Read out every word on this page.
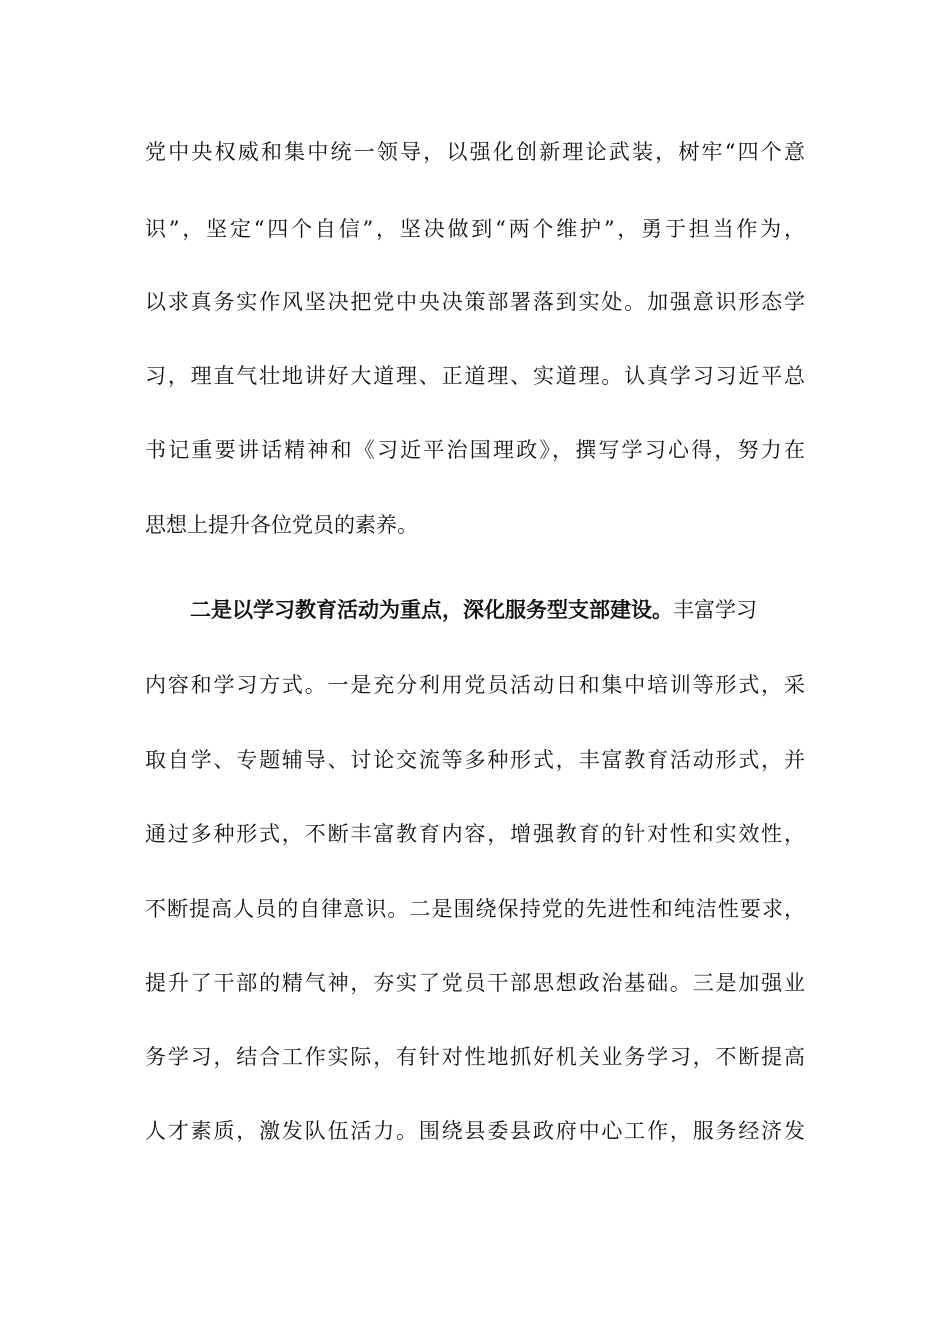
党中央权威和集中统一领导，以强化创新理论武装，树牢“四个意
识”，坚定“四个自信”，坚决做到“两个维护”，勇于担当作为，
以求真务实作风坚决把党中央决策部署落到实处。加强意识形态学
习，理直气壮地讲好大道理、正道理、实道理。认真学习习近平总
书记重要讲话精神和《习近平治国理政》，撰写学习心得，努力在
思想上提升各位党员的素养。
二是以学习教育活动为重点，深化服务型支部建设。丰富学习
内容和学习方式。一是充分利用党员活动日和集中培训等形式，采
取自学、专题辅导、讨论交流等多种形式，丰富教育活动形式，并
通过多种形式，不断丰富教育内容，增强教育的针对性和实效性，
不断提高人员的自律意识。二是围绕保持党的先进性和纯洁性要求，
提升了干部的精气神，夯实了党员干部思想政治基础。三是加强业
务学习，结合工作实际，有针对性地抓好机关业务学习，不断提高
人才素质，激发队伍活力。围绕县委县政府中心工作，服务经济发
